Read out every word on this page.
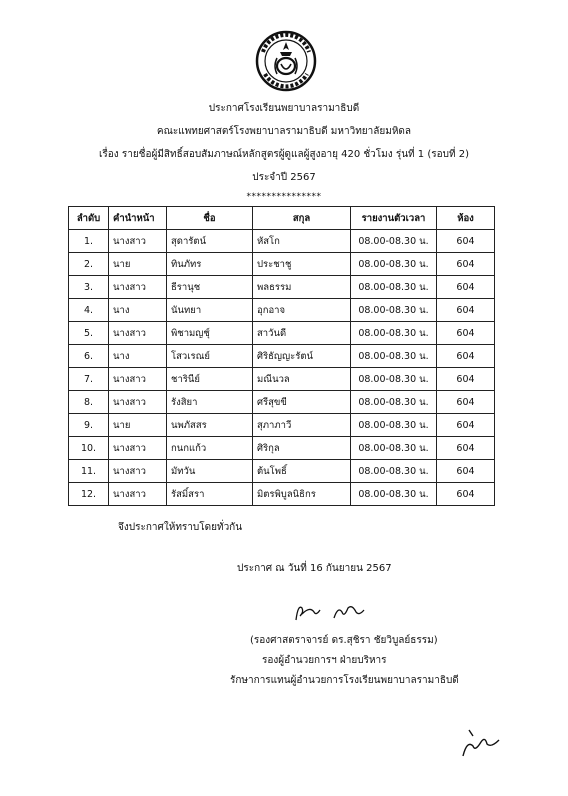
ประกาศโรงเรียนพยาบาลรามาธิบดี
คณะแพทยศาสตร์โรงพยาบาลรามาธิบดี มหาวิทยาลัยมหิดล
เรื่อง รายชื่อผู้มีสิทธิ์สอบสัมภาษณ์หลักสูตรผู้ดูแลผู้สูงอายุ 420 ชั่วโมง รุ่นที่ 1 (รอบที่ 2)
ประจำปี 2567
***************
ลำดับ	คำนำหน้า	ชื่อ	สกุล	รายงานตัวเวลา	ห้อง
1.	นางสาว	สุดารัตน์	หัสโก	08.00-08.30 น.	604
2.	นาย	ทินภัทร	ประชาชู	08.00-08.30 น.	604
3.	นางสาว	ธีรานุช	พลธรรม	08.00-08.30 น.	604
4.	นาง	นันทยา	อุกอาจ	08.00-08.30 น.	604
5.	นางสาว	พิชามญชุ์	สาวันดี	08.00-08.30 น.	604
6.	นาง	โสวเรณย์	ศิริธัญญะรัตน์	08.00-08.30 น.	604
7.	นางสาว	ชารินีย์	มณีนวล	08.00-08.30 น.	604
8.	นางสาว	รังสิยา	ศรีสุขขี	08.00-08.30 น.	604
9.	นาย	นพภัสสร	สุภาภาวี	08.00-08.30 น.	604
10.	นางสาว	กนกแก้ว	ศิริกุล	08.00-08.30 น.	604
11.	นางสาว	มัทวัน	ต้นโพธิ์	08.00-08.30 น.	604
12.	นางสาว	รัสมิ์สรา	มิตรพิบูลนิธิกร	08.00-08.30 น.	604
จึงประกาศให้ทราบโดยทั่วกัน
ประกาศ ณ วันที่ 16 กันยายน 2567
(รองศาสตราจารย์ ดร.สุชิรา ชัยวิบูลย์ธรรม)
รองผู้อำนวยการฯ ฝ่ายบริหาร
รักษาการแทนผู้อำนวยการโรงเรียนพยาบาลรามาธิบดี
